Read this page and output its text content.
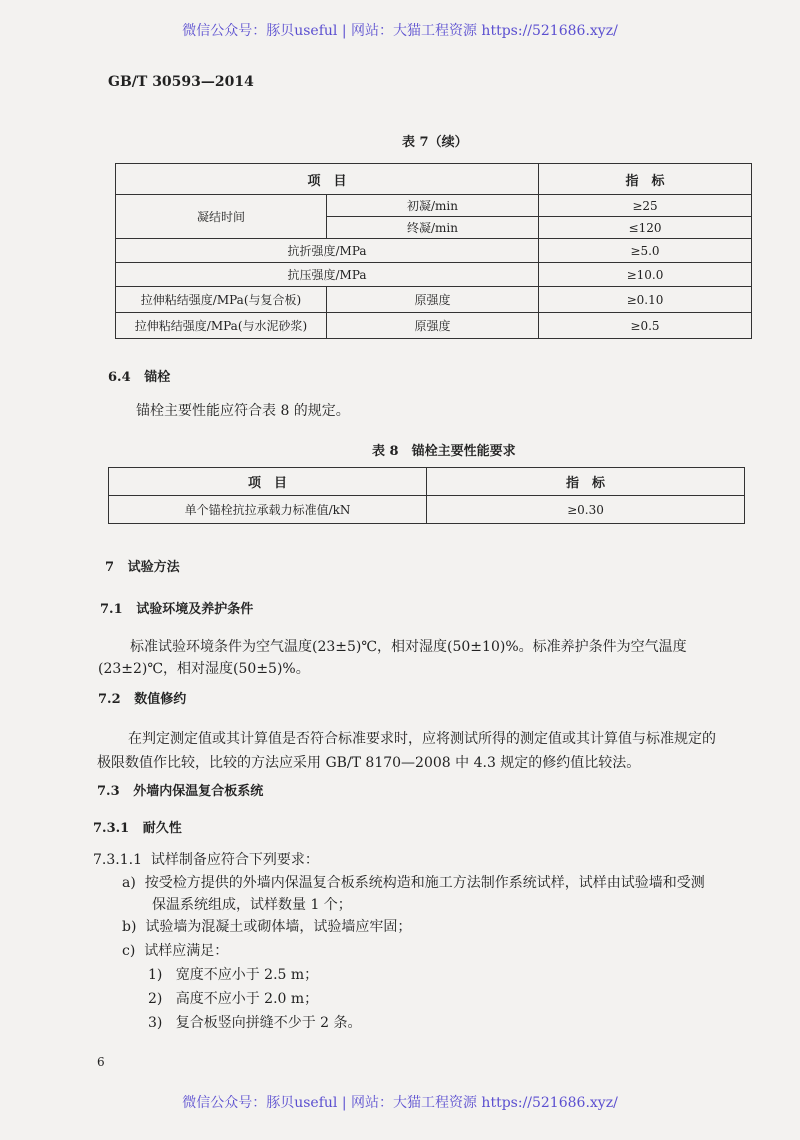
微信公众号：豚贝useful | 网站：大猫工程资源 https://521686.xyz/
GB/T 30593—2014
表 7（续）
项　目		指　标
凝结时间	初凝/min	≥25
	终凝/min	≤120
抗折强度/MPa		≥5.0
抗压强度/MPa		≥10.0
拉伸粘结强度/MPa(与复合板)	原强度	≥0.10
拉伸粘结强度/MPa(与水泥砂浆)	原强度	≥0.5
6.4 锚栓
锚栓主要性能应符合表 8 的规定。
表 8　锚栓主要性能要求
项　目	指　标
单个锚栓抗拉承载力标准值/kN	≥0.30
7 试验方法
7.1 试验环境及养护条件
标准试验环境条件为空气温度(23±5)℃，相对湿度(50±10)%。标准养护条件为空气温度
(23±2)℃，相对湿度(50±5)%。
7.2 数值修约
在判定测定值或其计算值是否符合标准要求时，应将测试所得的测定值或其计算值与标准规定的
极限数值作比较，比较的方法应采用 GB/T 8170—2008 中 4.3 规定的修约值比较法。
7.3 外墙内保温复合板系统
7.3.1 耐久性
7.3.1.1 试样制备应符合下列要求：
a) 按受检方提供的外墙内保温复合板系统构造和施工方法制作系统试样，试样由试验墙和受测
保温系统组成，试样数量 1 个；
b) 试验墙为混凝土或砌体墙，试验墙应牢固；
c) 试样应满足：
1) 宽度不应小于 2.5 m；
2) 高度不应小于 2.0 m；
3) 复合板竖向拼缝不少于 2 条。
6
微信公众号：豚贝useful | 网站：大猫工程资源 https://521686.xyz/
